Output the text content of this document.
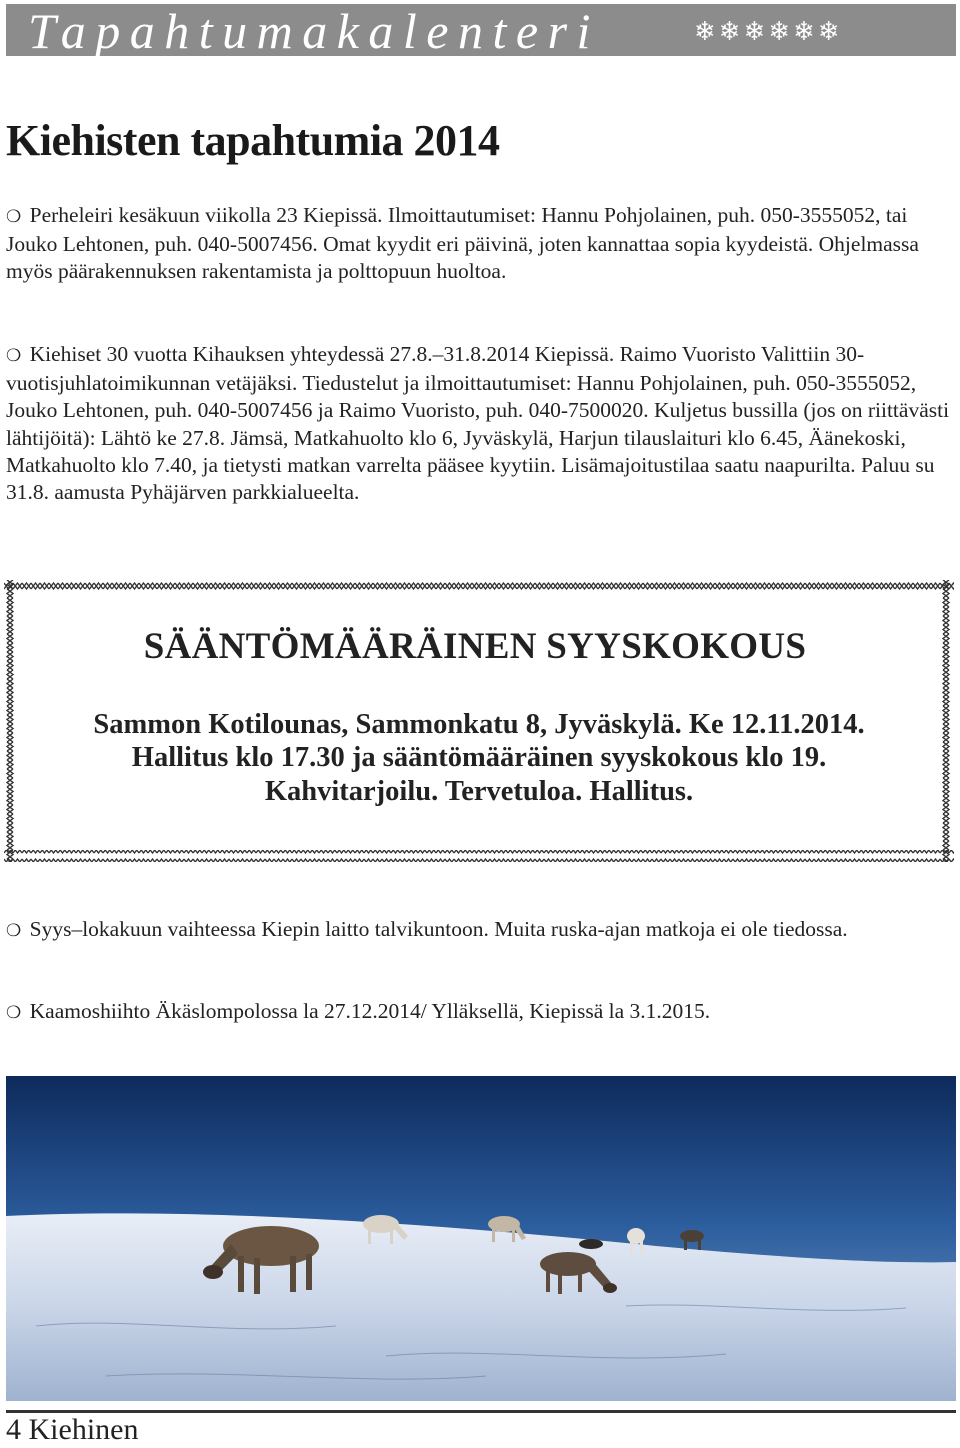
Tapahtumakalenteri	❄❄❄❄❄❄
Kiehisten tapahtumia 2014

❍ Perheleiri kesäkuun viikolla 23 Kiepissä. Ilmoittautumiset: Hannu Pohjolainen, puh. 050-3555052, tai Jouko Lehtonen, puh. 040-5007456. Omat kyydit eri päivinä, joten kannattaa sopia kyydeistä. Ohjelmassa myös päärakennuksen rakentamista ja polttopuun huoltoa.

❍ Kiehiset 30 vuotta Kihauksen yhteydessä 27.8.–31.8.2014 Kiepissä. Raimo Vuoristo Valittiin 30-vuotisjuhlatoimikunnan vetäjäksi. Tiedustelut ja ilmoittautumiset: Hannu Pohjolainen, puh. 050-3555052, Jouko Lehtonen, puh. 040-5007456 ja Raimo Vuoristo, puh. 040-7500020. Kuljetus bussilla (jos on riittävästi lähtijöitä): Lähtö ke 27.8. Jämsä, Matkahuolto klo 6, Jyväskylä, Harjun tilauslaituri klo 6.45, Äänekoski, Matkahuolto klo 7.40, ja tietysti matkan varrelta pääsee kyytiin. Lisämajoitustilaa saatu naapurilta. Paluu su 31.8. aamusta Pyhäjärven parkkialueelta.

SÄÄNTÖMÄÄRÄINEN SYYSKOKOUS

Sammon Kotilounas, Sammonkatu 8, Jyväskylä. Ke 12.11.2014. Hallitus klo 17.30 ja sääntömääräinen syyskokous klo 19. Kahvitarjoilu. Tervetuloa. Hallitus.

❍ Syys–lokakuun vaihteessa Kiepin laitto talvikuntoon. Muita ruska-ajan matkoja ei ole tiedossa.

❍ Kaamoshiihto Äkäslompolossa la 27.12.2014/ Ylläksellä, Kiepissä la 3.1.2015.

4 Kiehinen
